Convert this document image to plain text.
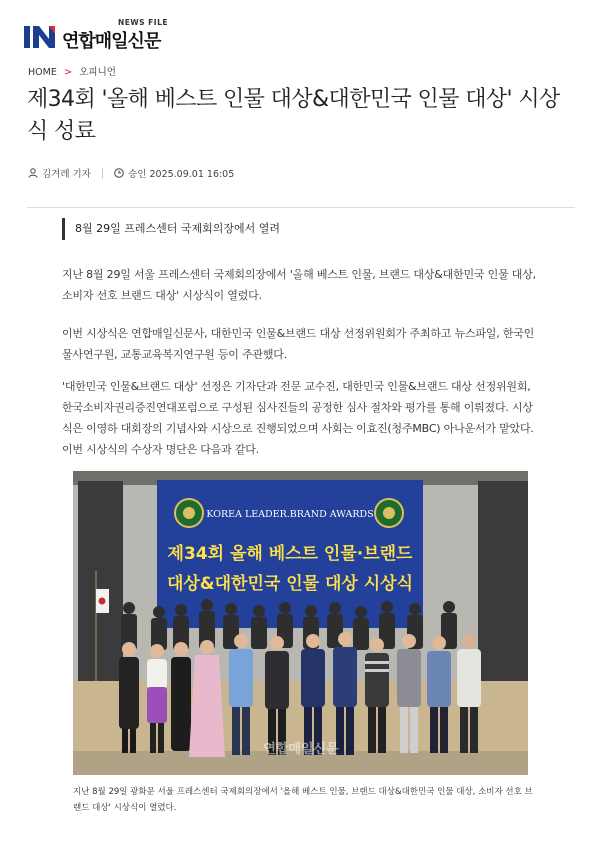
NEWS FILE
연합매일신문
HOME > 오피니언
제34회 '올해 베스트 인물 대상&대한민국 인물 대상' 시상식 성료
김겨레 기자 |	승인 2025.09.01 16:05
8월 29일 프레스센터 국제회의장에서 열려

지난 8월 29일 서울 프레스센터 국제회의장에서 '올해 베스트 인물, 브랜드 대상&대한민국 인물 대상, 소비자 선호 브랜드 대상' 시상식이 열렸다.

이번 시상식은 연합매일신문사, 대한민국 인물&브랜드 대상 선정위원회가 주최하고 뉴스파일, 한국인물사연구원, 교통교육복지연구원 등이 주관했다.

'대한민국 인물&브랜드 대상' 선정은 기자단과 전문 교수진, 대한민국 인물&브랜드 대상 선정위원회, 한국소비자권리증진연대포럼으로 구성된 심사진들의 공정한 심사 절차와 평가를 통해 이뤄졌다. 시상식은 이영하 대회장의 기념사와 시상으로 진행되었으며 사회는 이효진(청주MBC) 아나운서가 맡았다. 이번 시상식의 수상자 명단은 다음과 같다.

KOREA LEADER.BRAND AWARDS
제34회 올해 베스트 인물·브랜드
대상&대한민국 인물 대상 시상식
연합매일신문

지난 8월 29일 광화문 서울 프레스센터 국제회의장에서 '올해 베스트 인물, 브랜드 대상&대한민국 인물 대상, 소비자 선호 브랜드 대상' 시상식이 열렸다.
